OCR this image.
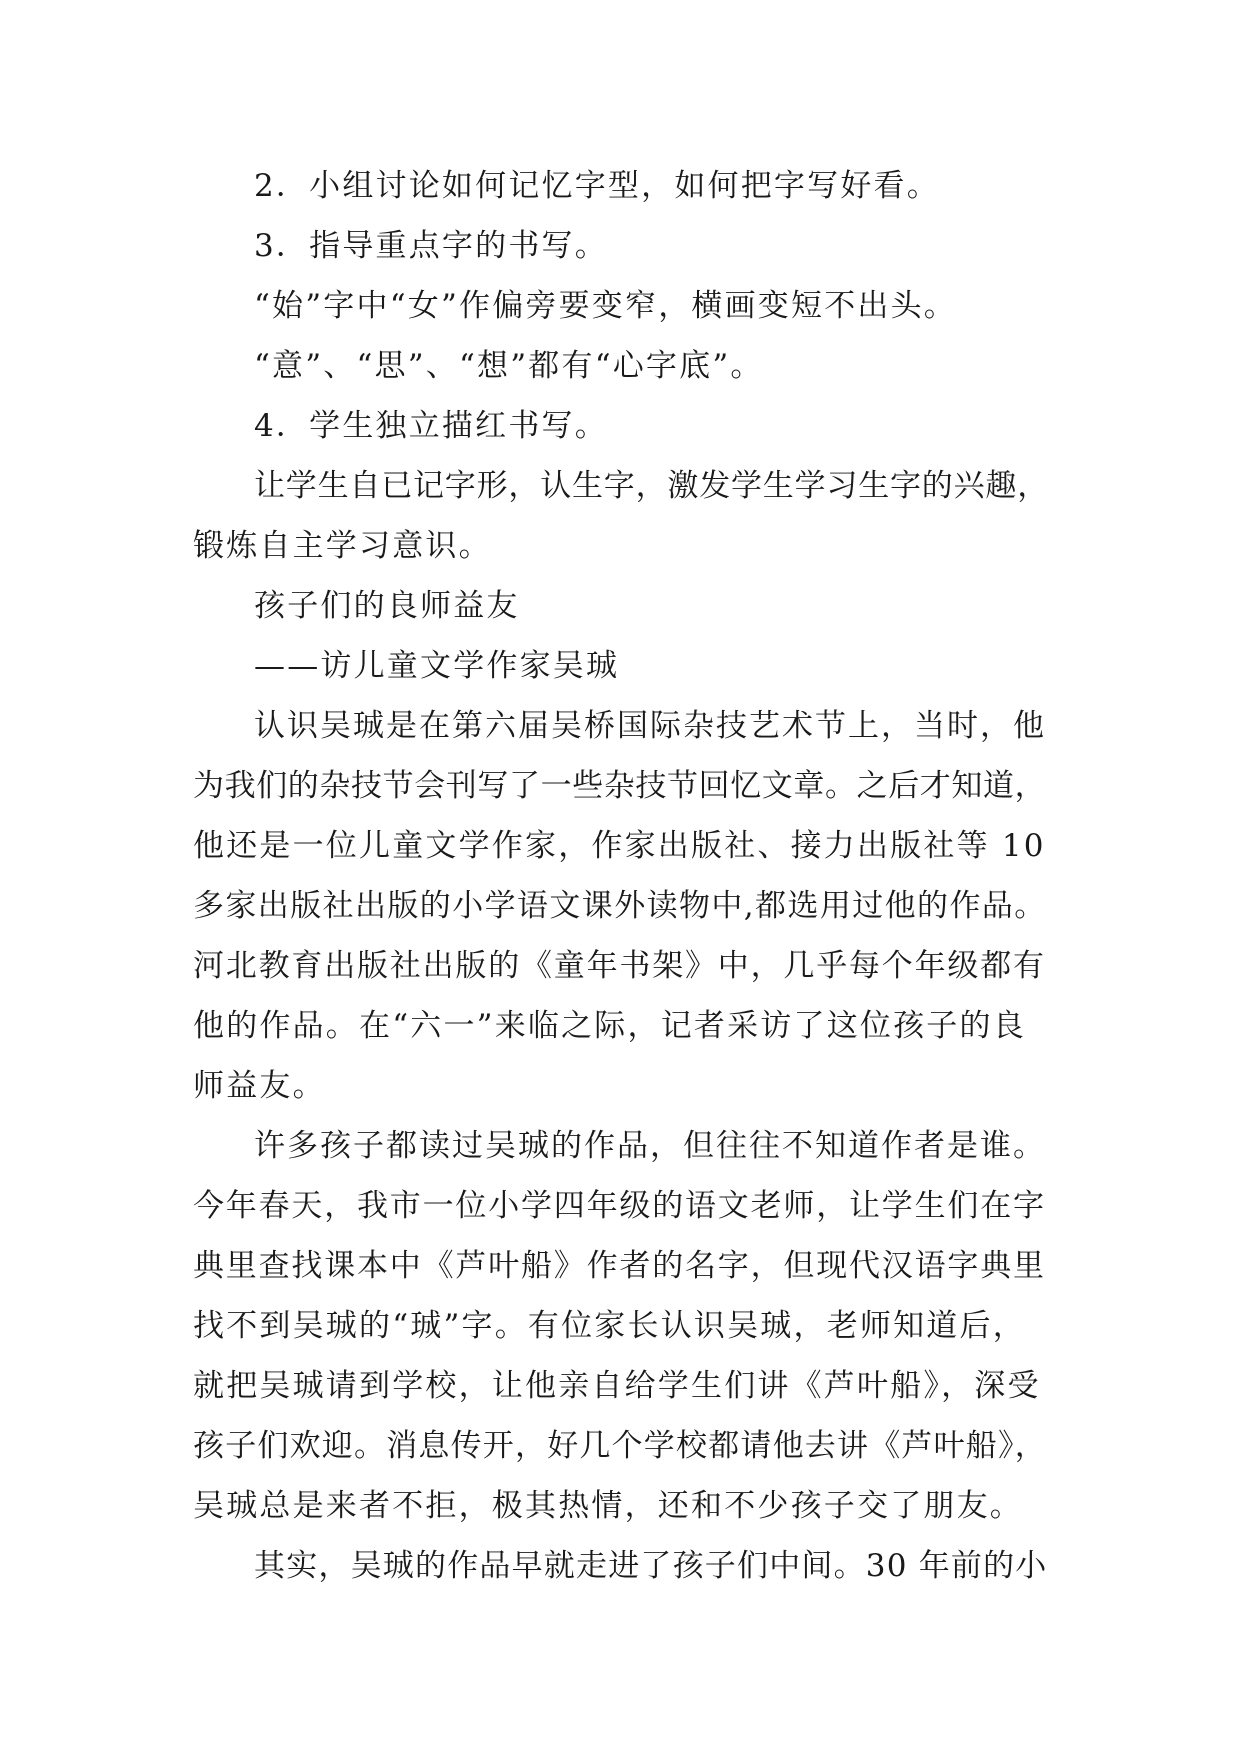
2．小组讨论如何记忆字型，如何把字写好看。
3．指导重点字的书写。
“始”字中“女”作偏旁要变窄，横画变短不出头。
“意”、“思”、“想”都有“心字底”。
4．学生独立描红书写。
让学生自已记字形，认生字，激发学生学习生字的兴趣，
锻炼自主学习意识。
孩子们的良师益友
——访儿童文学作家吴珹
认识吴珹是在第六届吴桥国际杂技艺术节上，当时，他
为我们的杂技节会刊写了一些杂技节回忆文章。之后才知道，
他还是一位儿童文学作家，作家出版社、接力出版社等 10
多家出版社出版的小学语文课外读物中,都选用过他的作品。
河北教育出版社出版的《童年书架》中，几乎每个年级都有
他的作品。在“六一”来临之际，记者采访了这位孩子的良
师益友。
许多孩子都读过吴珹的作品，但往往不知道作者是谁。
今年春天，我市一位小学四年级的语文老师，让学生们在字
典里查找课本中《芦叶船》作者的名字，但现代汉语字典里
找不到吴珹的“珹”字。有位家长认识吴珹，老师知道后，
就把吴珹请到学校，让他亲自给学生们讲《芦叶船》，深受
孩子们欢迎。消息传开，好几个学校都请他去讲《芦叶船》，
吴珹总是来者不拒，极其热情，还和不少孩子交了朋友。
其实，吴珹的作品早就走进了孩子们中间。30 年前的小
